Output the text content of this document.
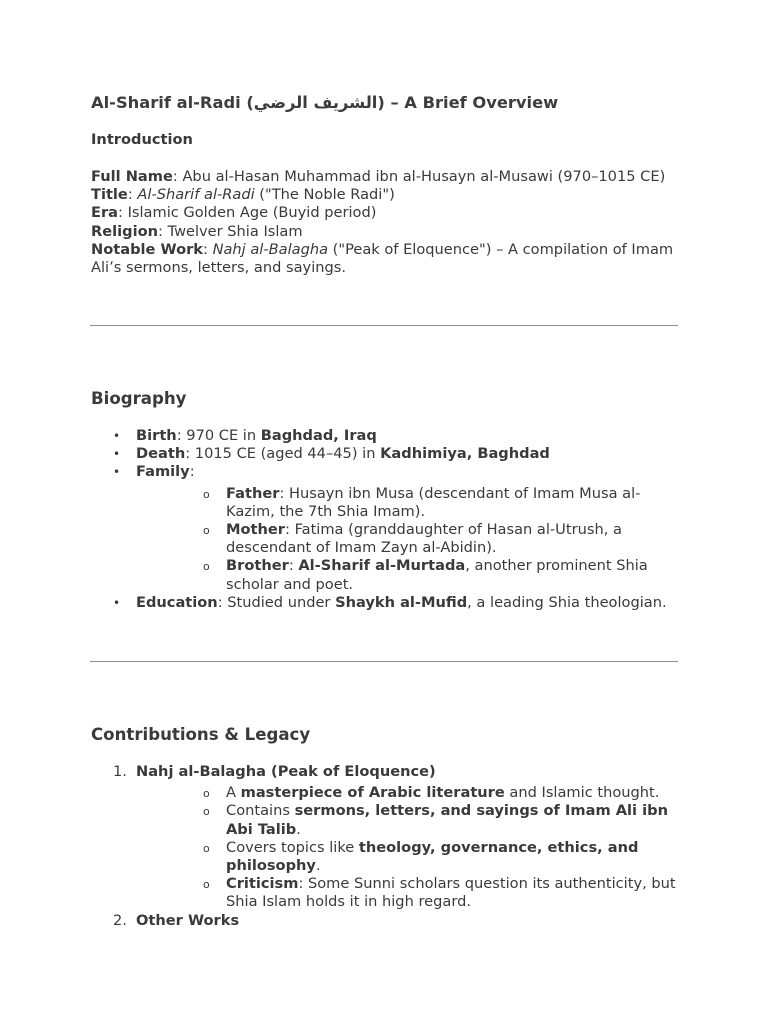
Al-Sharif al-Radi (الشريف الرضي) – A Brief Overview
Introduction

Full Name: Abu al-Hasan Muhammad ibn al-Husayn al-Musawi (970–1015 CE)

Title: Al-Sharif al-Radi ("The Noble Radi")

Era: Islamic Golden Age (Buyid period)

Religion: Twelver Shia Islam

Notable Work: Nahj al-Balagha ("Peak of Eloquence") – A compilation of Imam Ali’s sermons, letters, and sayings.

Biography
• Birth: 970 CE in Baghdad, Iraq
• Death: 1015 CE (aged 44–45) in Kadhimiya, Baghdad
• Family:
o Father: Husayn ibn Musa (descendant of Imam Musa al-Kazim, the 7th Shia Imam).
o Mother: Fatima (granddaughter of Hasan al-Utrush, a descendant of Imam Zayn al-Abidin).
o Brother: Al-Sharif al-Murtada, another prominent Shia scholar and poet.
• Education: Studied under Shaykh al-Mufid, a leading Shia theologian.
Contributions & Legacy
1. Nahj al-Balagha (Peak of Eloquence)
o A masterpiece of Arabic literature and Islamic thought.
o Contains sermons, letters, and sayings of Imam Ali ibn Abi Talib.
o Covers topics like theology, governance, ethics, and philosophy.
o Criticism: Some Sunni scholars question its authenticity, but Shia Islam holds it in high regard.
2. Other Works
